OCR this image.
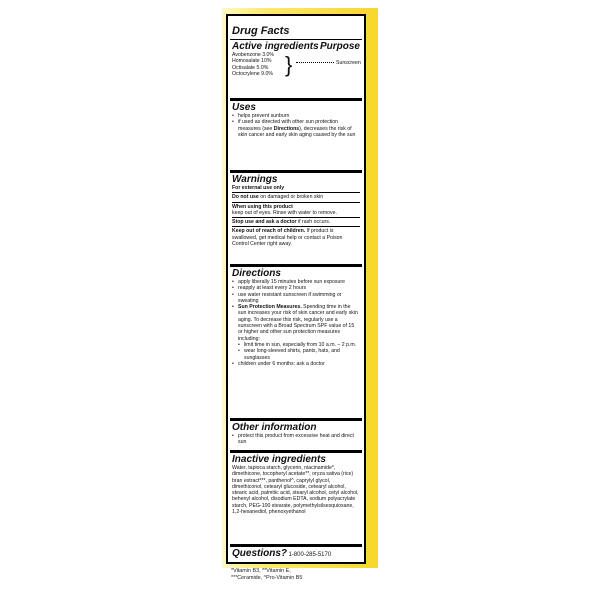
Drug Facts
Active ingredients Purpose
Avobenzone 3.0%
Homosalate 10%
Octisalate 5.0%
Octocrylene 9.0% }	Sunscreen
Uses
• helps prevent sunburn
• if used as directed with other sun protection measures (see Directions), decreases the risk of skin cancer and early skin aging caused by the sun
Warnings
For external use only
Do not use on damaged or broken skin
When using this product
keep out of eyes. Rinse with water to remove.
Stop use and ask a doctor if rash occurs.
Keep out of reach of children. If product is swallowed, get medical help or contact a Poison Control Center right away.
Directions
• apply liberally 15 minutes before sun exposure
• reapply at least every 2 hours
• use water resistant sunscreen if swimming or sweating
• Sun Protection Measures. Spending time in the sun increases your risk of skin cancer and early skin aging. To decrease this risk, regularly use a sunscreen with a Broad Spectrum SPF value of 15 or higher and other sun protection measures including:
• limit time in sun, especially from 10 a.m. – 2 p.m.
• wear long-sleeved shirts, pants, hats, and sunglasses
• children under 6 months: ask a doctor
Other information
• protect this product from excessive heat and direct sun
Inactive ingredients
Water, tapioca starch, glycerin, niacinamide*, dimethicone, tocopheryl acetate**, oryza sativa (rice) bran extract***, panthenol^, caprylyl glycol, dimethiconol, cetearyl glucoside, cetearyl alcohol, stearic acid, palmitic acid, stearyl alcohol, cetyl alcohol, behenyl alcohol, disodium EDTA, sodium polyacrylate starch, PEG-100 stearate, polymethylsilsesquioxane, 1,2-hexanediol, phenoxyethanol
Questions? 1-800-285-5170
*Vitamin B3, **Vitamin E,
***Ceramide, ^Pro-Vitamin B5
